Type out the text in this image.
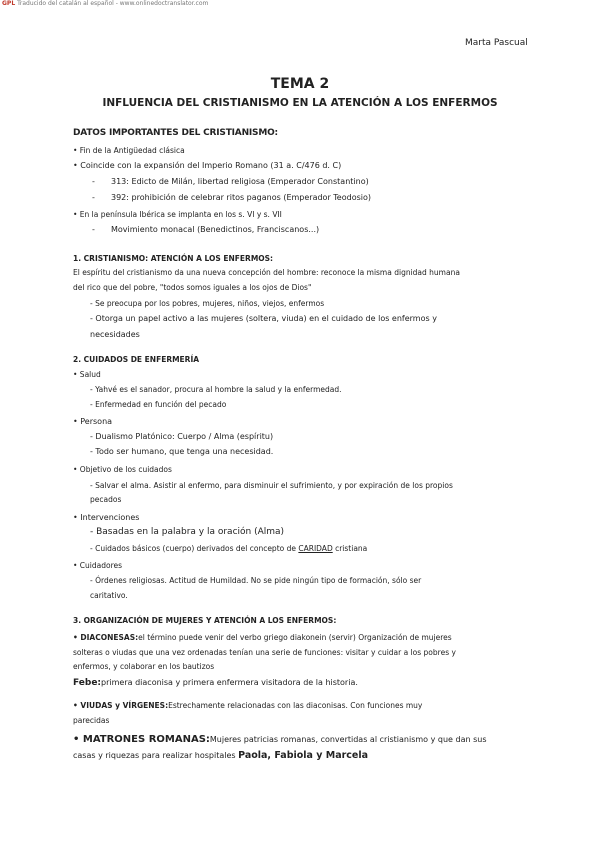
GPL Traducido del catalán al español - www.onlinedoctranslator.com
Marta Pascual
TEMA 2
INFLUENCIA DEL CRISTIANISMO EN LA ATENCIÓN A LOS ENFERMOS
DATOS IMPORTANTES DEL CRISTIANISMO:
• Fin de la Antigüedad clásica
• Coincide con la expansión del Imperio Romano (31 a. C/476 d. C)
- 313: Edicto de Milán, libertad religiosa (Emperador Constantino)
- 392: prohibición de celebrar ritos paganos (Emperador Teodosio)
• En la península Ibérica se implanta en los s. VI y s. VII
- Movimiento monacal (Benedictinos, Franciscanos...)
1. CRISTIANISMO: ATENCIÓN A LOS ENFERMOS:
El espíritu del cristianismo da una nueva concepción del hombre: reconoce la misma dignidad humana
del rico que del pobre, "todos somos iguales a los ojos de Dios"
- Se preocupa por los pobres, mujeres, niños, viejos, enfermos
- Otorga un papel activo a las mujeres (soltera, viuda) en el cuidado de los enfermos y
necesidades
2. CUIDADOS DE ENFERMERÍA
• Salud
- Yahvé es el sanador, procura al hombre la salud y la enfermedad.
- Enfermedad en función del pecado
• Persona
- Dualismo Platónico: Cuerpo / Alma (espíritu)
- Todo ser humano, que tenga una necesidad.
• Objetivo de los cuidados
- Salvar el alma. Asistir al enfermo, para disminuir el sufrimiento, y por expiración de los propios
pecados
• Intervenciones
- Basadas en la palabra y la oración (Alma)
- Cuidados básicos (cuerpo) derivados del concepto de CARIDAD cristiana
• Cuidadores
- Órdenes religiosas. Actitud de Humildad. No se pide ningún tipo de formación, sólo ser
caritativo.
3. ORGANIZACIÓN DE MUJERES Y ATENCIÓN A LOS ENFERMOS:
• DIACONESAS:el término puede venir del verbo griego diakonein (servir) Organización de mujeres
solteras o viudas que una vez ordenadas tenían una serie de funciones: visitar y cuidar a los pobres y
enfermos, y colaborar en los bautizos
Febe:primera diaconisa y primera enfermera visitadora de la historia.
• VIUDAS y VÍRGENES:Estrechamente relacionadas con las diaconisas. Con funciones muy
parecidas
• MATRONES ROMANAS:Mujeres patricias romanas, convertidas al cristianismo y que dan sus
casas y riquezas para realizar hospitales Paola, Fabiola y Marcela
